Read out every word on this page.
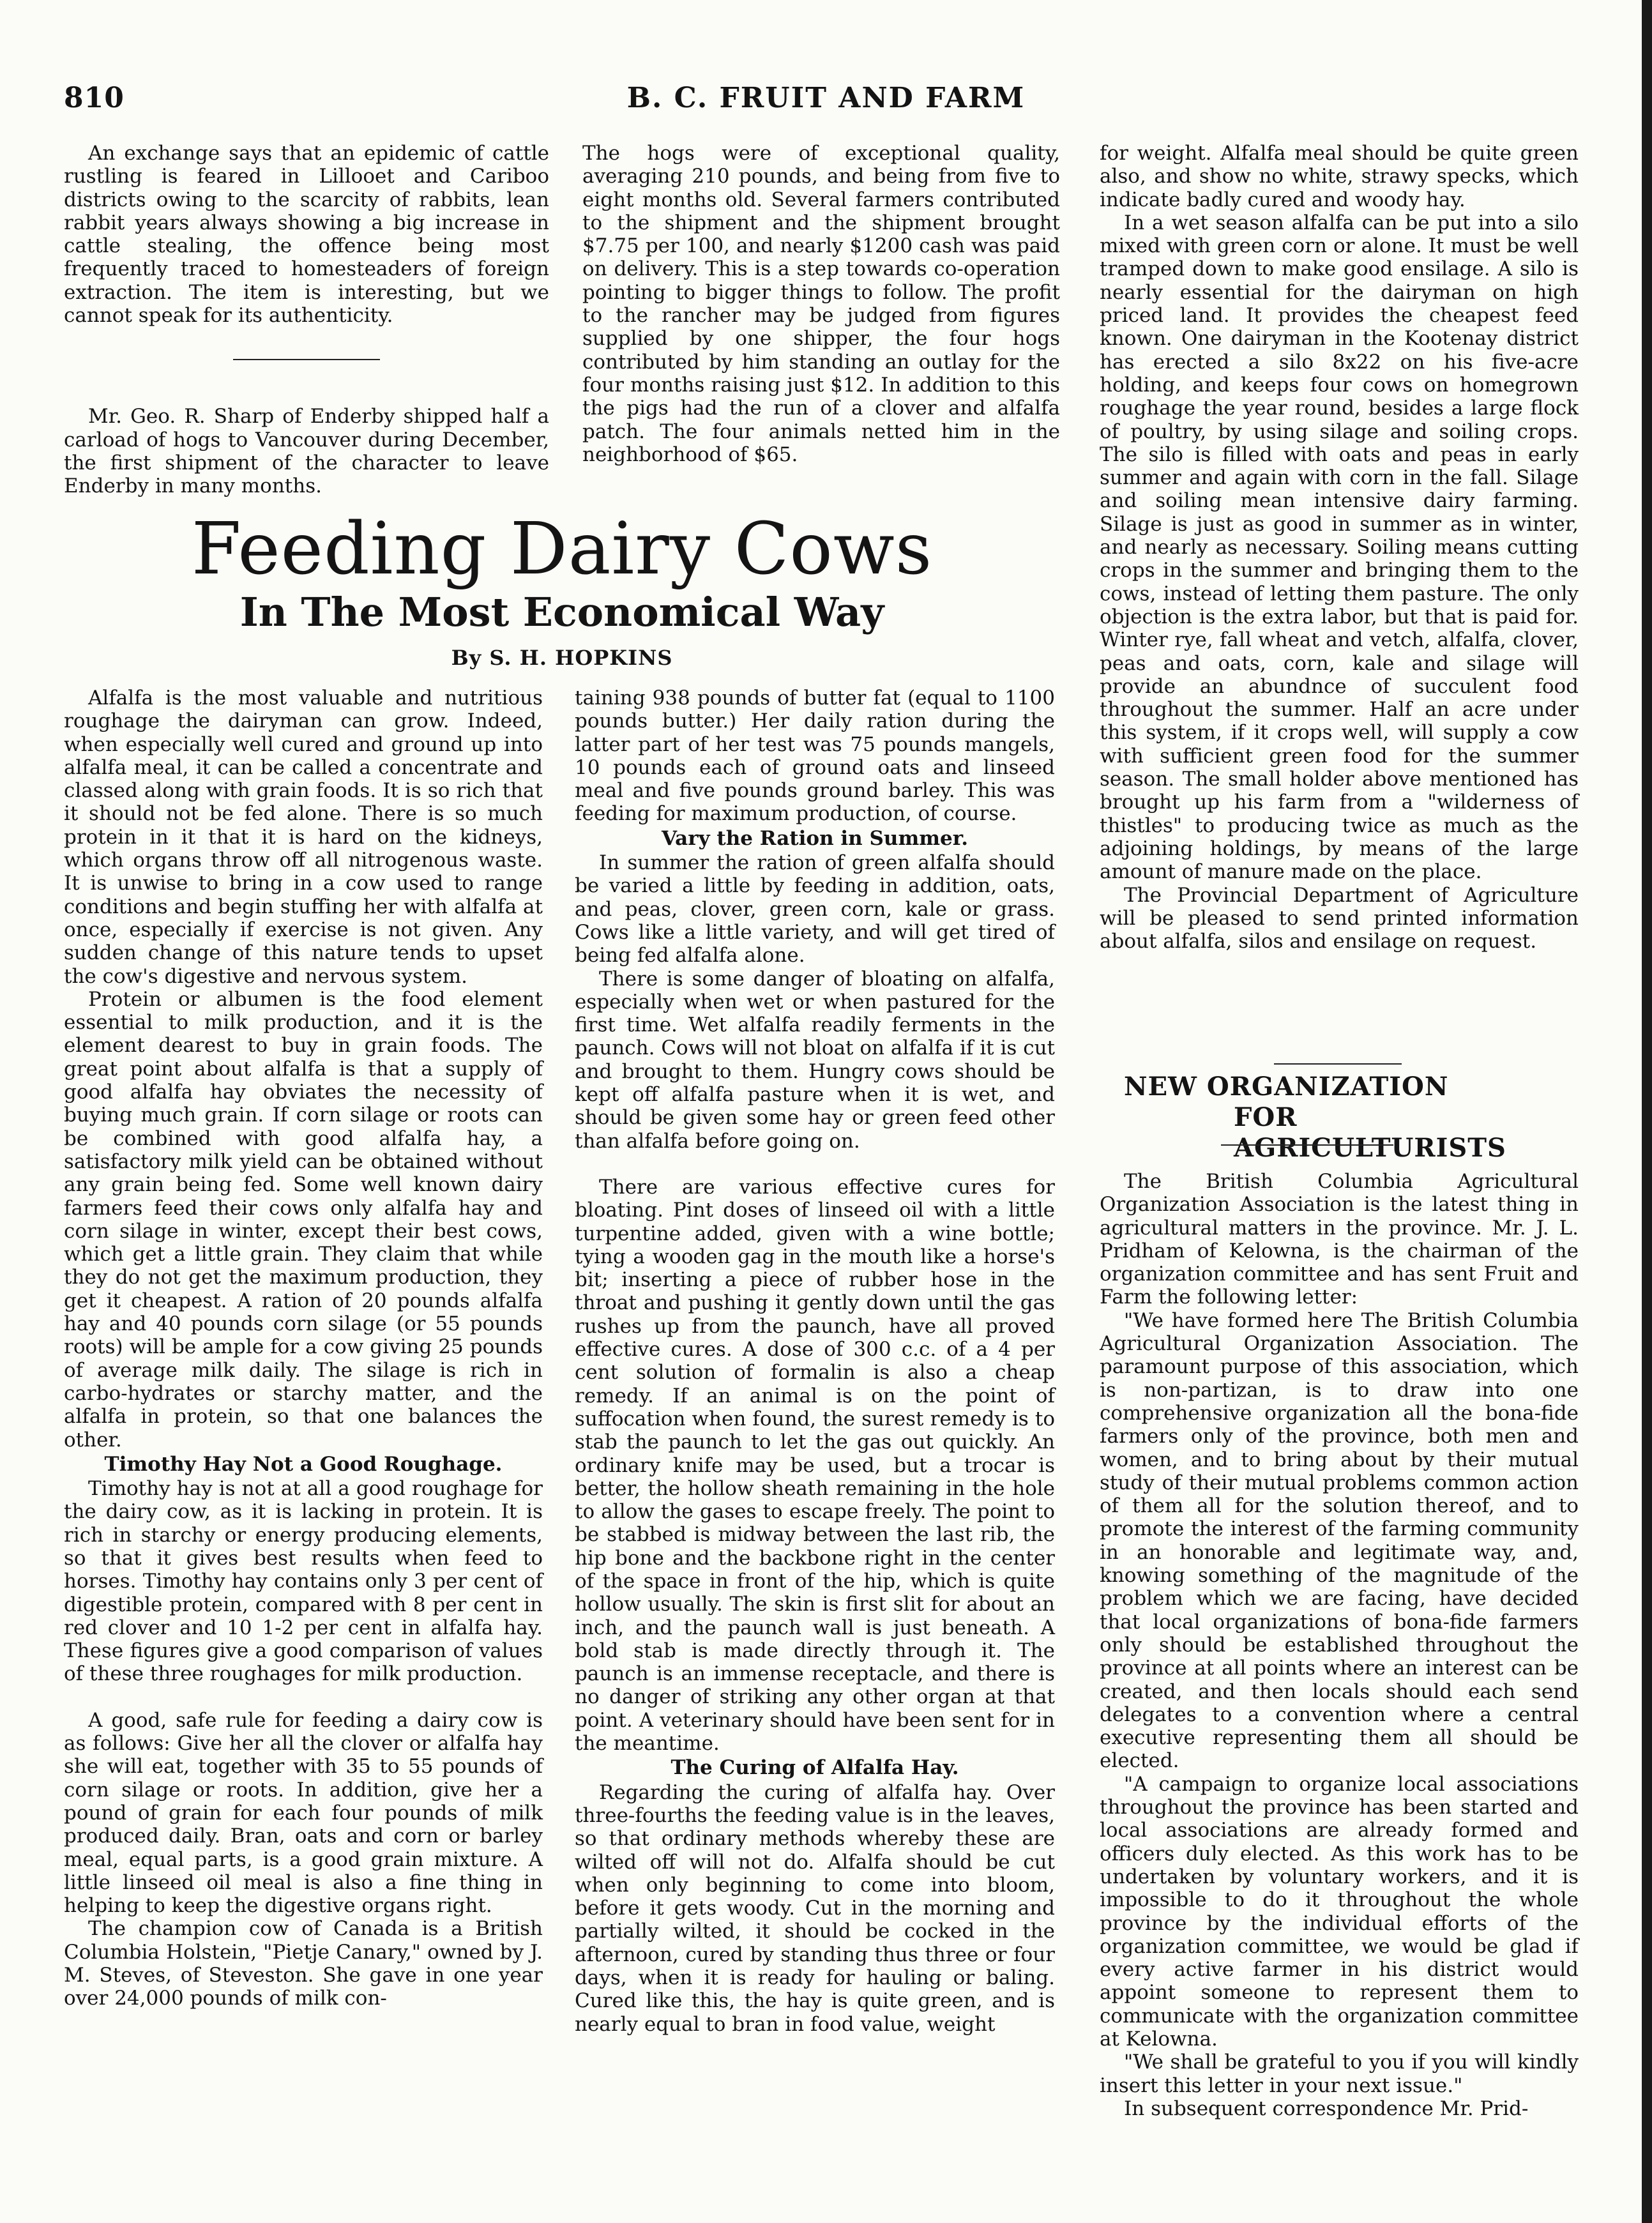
810	B. C. FRUIT AND FARM

An exchange says that an epidemic of cattle rustling is feared in Lillooet and Cariboo districts owing to the scarcity of rabbits, lean rabbit years always showing a big increase in cattle stealing, the offence being most frequently traced to homesteaders of foreign extraction. The item is interesting, but we cannot speak for its authenticity.

Mr. Geo. R. Sharp of Enderby shipped half a carload of hogs to Vancouver during December, the first shipment of the character to leave Enderby in many months.

The hogs were of exceptional quality, averaging 210 pounds, and being from five to eight months old. Several farmers contributed to the shipment and the shipment brought $7.75 per 100, and nearly $1200 cash was paid on delivery. This is a step towards co-operation pointing to bigger things to follow. The profit to the rancher may be judged from figures supplied by one shipper, the four hogs contributed by him standing an outlay for the four months raising just $12. In addition to this the pigs had the run of a clover and alfalfa patch. The four animals netted him in the neighborhood of $65.

Feeding Dairy Cows
In The Most Economical Way
By S. H. HOPKINS

Alfalfa is the most valuable and nutritious roughage the dairyman can grow. Indeed, when especially well cured and ground up into alfalfa meal, it can be called a concentrate and classed along with grain foods. It is so rich that it should not be fed alone. There is so much protein in it that it is hard on the kidneys, which organs throw off all nitrogenous waste. It is unwise to bring in a cow used to range conditions and begin stuffing her with alfalfa at once, especially if exercise is not given. Any sudden change of this nature tends to upset the cow's digestive and nervous system.

Protein or albumen is the food element essential to milk production, and it is the element dearest to buy in grain foods. The great point about alfalfa is that a supply of good alfalfa hay obviates the necessity of buying much grain. If corn silage or roots can be combined with good alfalfa hay, a satisfactory milk yield can be obtained without any grain being fed. Some well known dairy farmers feed their cows only alfalfa hay and corn silage in winter, except their best cows, which get a little grain. They claim that while they do not get the maximum production, they get it cheapest. A ration of 20 pounds alfalfa hay and 40 pounds corn silage (or 55 pounds roots) will be ample for a cow giving 25 pounds of average milk daily. The silage is rich in carbo-hydrates or starchy matter, and the alfalfa in protein, so that one balances the other.

Timothy Hay Not a Good Roughage.

Timothy hay is not at all a good roughage for the dairy cow, as it is lacking in protein. It is rich in starchy or energy producing elements, so that it gives best results when feed to horses. Timothy hay contains only 3 per cent of digestible protein, compared with 8 per cent in red clover and 10 1-2 per cent in alfalfa hay. These figures give a good comparison of values of these three roughages for milk production.

A good, safe rule for feeding a dairy cow is as follows: Give her all the clover or alfalfa hay she will eat, together with 35 to 55 pounds of corn silage or roots. In addition, give her a pound of grain for each four pounds of milk produced daily. Bran, oats and corn or barley meal, equal parts, is a good grain mixture. A little linseed oil meal is also a fine thing in helping to keep the digestive organs right.

The champion cow of Canada is a British Columbia Holstein, "Pietje Canary," owned by J. M. Steves, of Steveston. She gave in one year over 24,000 pounds of milk con-

taining 938 pounds of butter fat (equal to 1100 pounds butter.) Her daily ration during the latter part of her test was 75 pounds mangels, 10 pounds each of ground oats and linseed meal and five pounds ground barley. This was feeding for maximum production, of course.

Vary the Ration in Summer.

In summer the ration of green alfalfa should be varied a little by feeding in addition, oats, and peas, clover, green corn, kale or grass. Cows like a little variety, and will get tired of being fed alfalfa alone.

There is some danger of bloating on alfalfa, especially when wet or when pastured for the first time. Wet alfalfa readily ferments in the paunch. Cows will not bloat on alfalfa if it is cut and brought to them. Hungry cows should be kept off alfalfa pasture when it is wet, and should be given some hay or green feed other than alfalfa before going on.

There are various effective cures for bloating. Pint doses of linseed oil with a little turpentine added, given with a wine bottle; tying a wooden gag in the mouth like a horse's bit; inserting a piece of rubber hose in the throat and pushing it gently down until the gas rushes up from the paunch, have all proved effective cures. A dose of 300 c.c. of a 4 per cent solution of formalin is also a cheap remedy. If an animal is on the point of suffocation when found, the surest remedy is to stab the paunch to let the gas out quickly. An ordinary knife may be used, but a trocar is better, the hollow sheath remaining in the hole to allow the gases to escape freely. The point to be stabbed is midway between the last rib, the hip bone and the backbone right in the center of the space in front of the hip, which is quite hollow usually. The skin is first slit for about an inch, and the paunch wall is just beneath. A bold stab is made directly through it. The paunch is an immense receptacle, and there is no danger of striking any other organ at that point. A veterinary should have been sent for in the meantime.

The Curing of Alfalfa Hay.

Regarding the curing of alfalfa hay. Over three-fourths the feeding value is in the leaves, so that ordinary methods whereby these are wilted off will not do. Alfalfa should be cut when only beginning to come into bloom, before it gets woody. Cut in the morning and partially wilted, it should be cocked in the afternoon, cured by standing thus three or four days, when it is ready for hauling or baling. Cured like this, the hay is quite green, and is nearly equal to bran in food value, weight

for weight. Alfalfa meal should be quite green also, and show no white, strawy specks, which indicate badly cured and woody hay.

In a wet season alfalfa can be put into a silo mixed with green corn or alone. It must be well tramped down to make good ensilage. A silo is nearly essential for the dairyman on high priced land. It provides the cheapest feed known. One dairyman in the Kootenay district has erected a silo 8x22 on his five-acre holding, and keeps four cows on homegrown roughage the year round, besides a large flock of poultry, by using silage and soiling crops. The silo is filled with oats and peas in early summer and again with corn in the fall. Silage and soiling mean intensive dairy farming. Silage is just as good in summer as in winter, and nearly as necessary. Soiling means cutting crops in the summer and bringing them to the cows, instead of letting them pasture. The only objection is the extra labor, but that is paid for. Winter rye, fall wheat and vetch, alfalfa, clover, peas and oats, corn, kale and silage will provide an abundnce of succulent food throughout the summer. Half an acre under this system, if it crops well, will supply a cow with sufficient green food for the summer season. The small holder above mentioned has brought up his farm from a "wilderness of thistles" to producing twice as much as the adjoining holdings, by means of the large amount of manure made on the place.

The Provincial Department of Agriculture will be pleased to send printed information about alfalfa, silos and ensilage on request.

NEW ORGANIZATION
FOR AGRICULTURISTS

The British Columbia Agricultural Organization Association is the latest thing in agricultural matters in the province. Mr. J. L. Pridham of Kelowna, is the chairman of the organization committee and has sent Fruit and Farm the following letter:

"We have formed here The British Columbia Agricultural Organization Association. The paramount purpose of this association, which is non-partizan, is to draw into one comprehensive organization all the bona-fide farmers only of the province, both men and women, and to bring about by their mutual study of their mutual problems common action of them all for the solution thereof, and to promote the interest of the farming community in an honorable and legitimate way, and, knowing something of the magnitude of the problem which we are facing, have decided that local organizations of bona-fide farmers only should be established throughout the province at all points where an interest can be created, and then locals should each send delegates to a convention where a central executive representing them all should be elected.

"A campaign to organize local associations throughout the province has been started and local associations are already formed and officers duly elected. As this work has to be undertaken by voluntary workers, and it is impossible to do it throughout the whole province by the individual efforts of the organization committee, we would be glad if every active farmer in his district would appoint someone to represent them to communicate with the organization committee at Kelowna.

"We shall be grateful to you if you will kindly insert this letter in your next issue."

In subsequent correspondence Mr. Prid-
